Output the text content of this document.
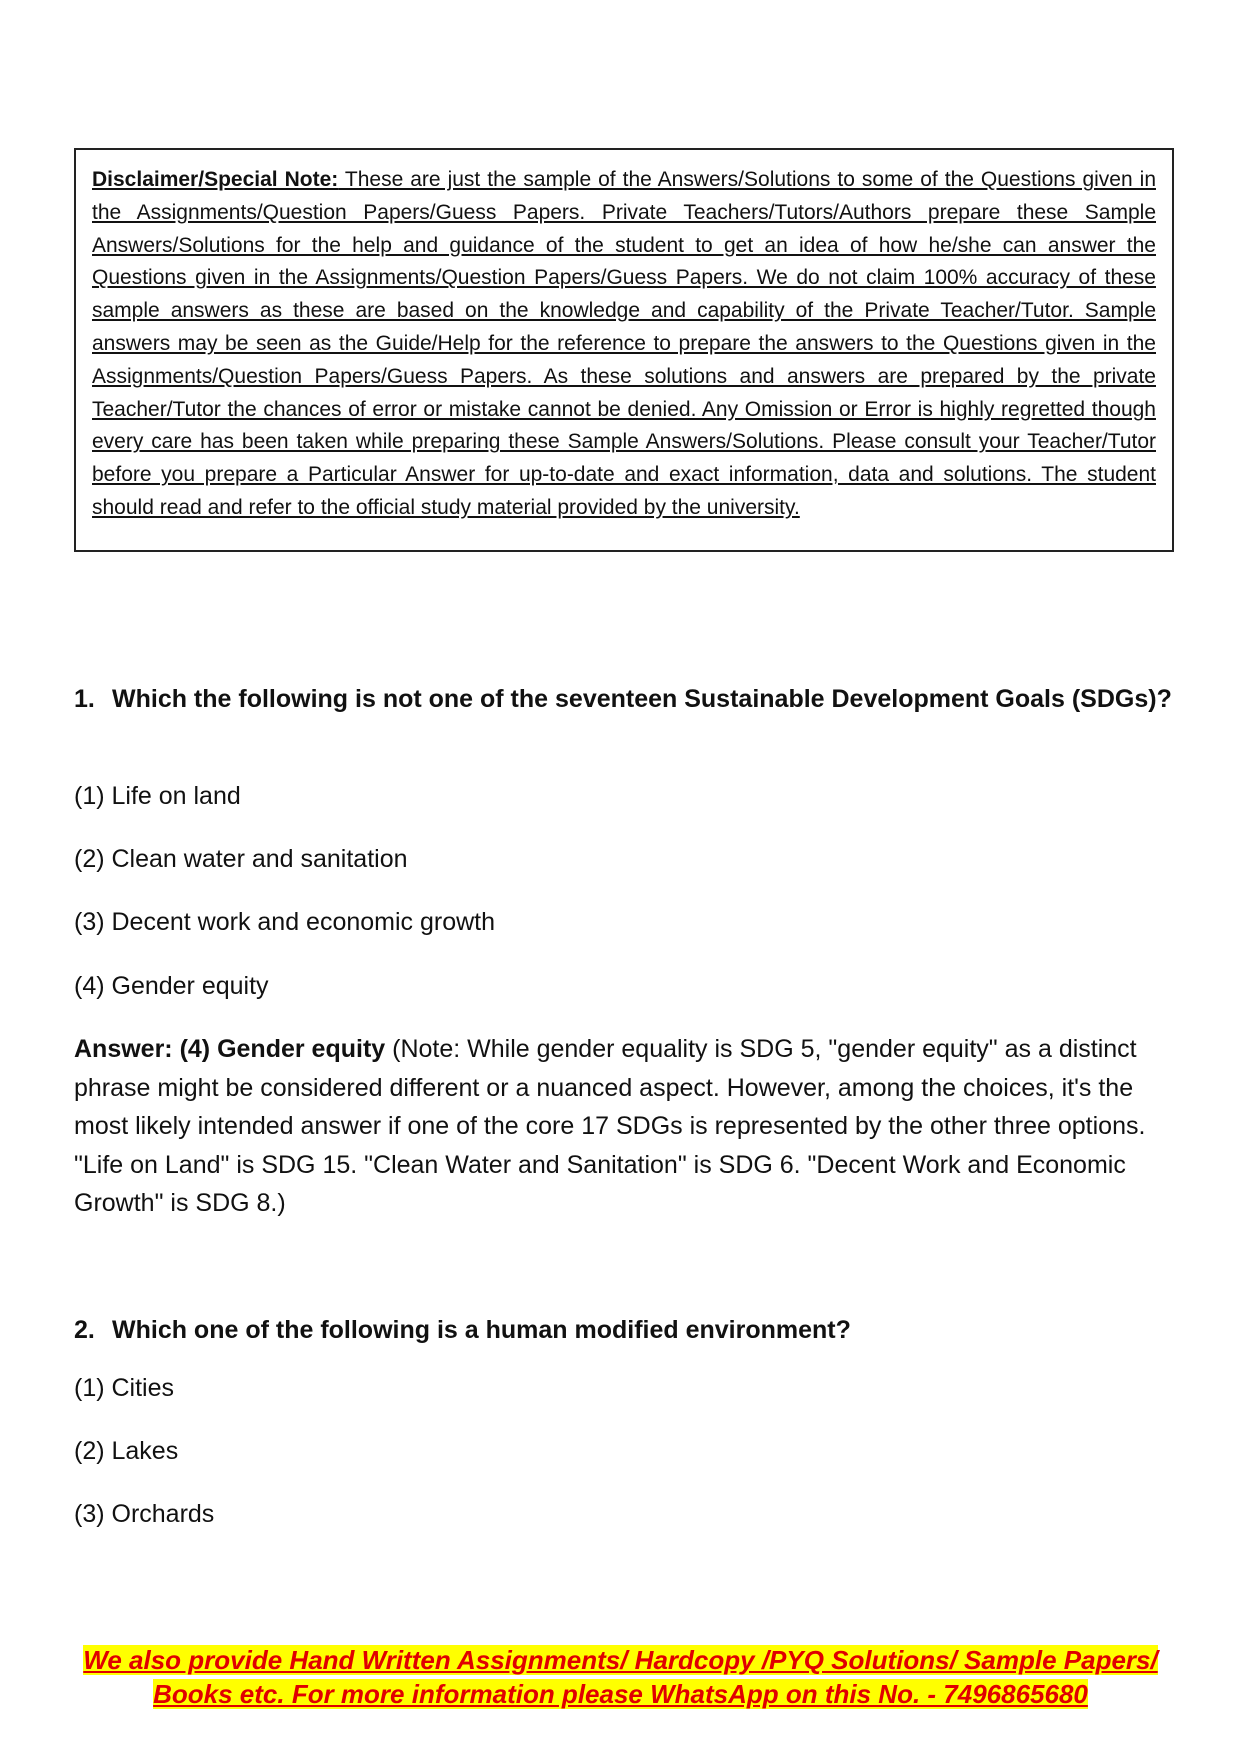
Disclaimer/Special Note: These are just the sample of the Answers/Solutions to some of the Questions given in the Assignments/Question Papers/Guess Papers. Private Teachers/Tutors/Authors prepare these Sample Answers/Solutions for the help and guidance of the student to get an idea of how he/she can answer the Questions given in the Assignments/Question Papers/Guess Papers. We do not claim 100% accuracy of these sample answers as these are based on the knowledge and capability of the Private Teacher/Tutor. Sample answers may be seen as the Guide/Help for the reference to prepare the answers to the Questions given in the Assignments/Question Papers/Guess Papers. As these solutions and answers are prepared by the private Teacher/Tutor the chances of error or mistake cannot be denied. Any Omission or Error is highly regretted though every care has been taken while preparing these Sample Answers/Solutions. Please consult your Teacher/Tutor before you prepare a Particular Answer for up-to-date and exact information, data and solutions. The student should read and refer to the official study material provided by the university.
1. Which the following is not one of the seventeen Sustainable Development Goals (SDGs)?
(1) Life on land
(2) Clean water and sanitation
(3) Decent work and economic growth
(4) Gender equity
Answer: (4) Gender equity (Note: While gender equality is SDG 5, "gender equity" as a distinct phrase might be considered different or a nuanced aspect. However, among the choices, it's the most likely intended answer if one of the core 17 SDGs is represented by the other three options. "Life on Land" is SDG 15. "Clean Water and Sanitation" is SDG 6. "Decent Work and Economic Growth" is SDG 8.)
2. Which one of the following is a human modified environment?
(1) Cities
(2) Lakes
(3) Orchards
We also provide Hand Written Assignments/ Hardcopy /PYQ Solutions/ Sample Papers/
Books etc. For more information please WhatsApp on this No. - 7496865680
